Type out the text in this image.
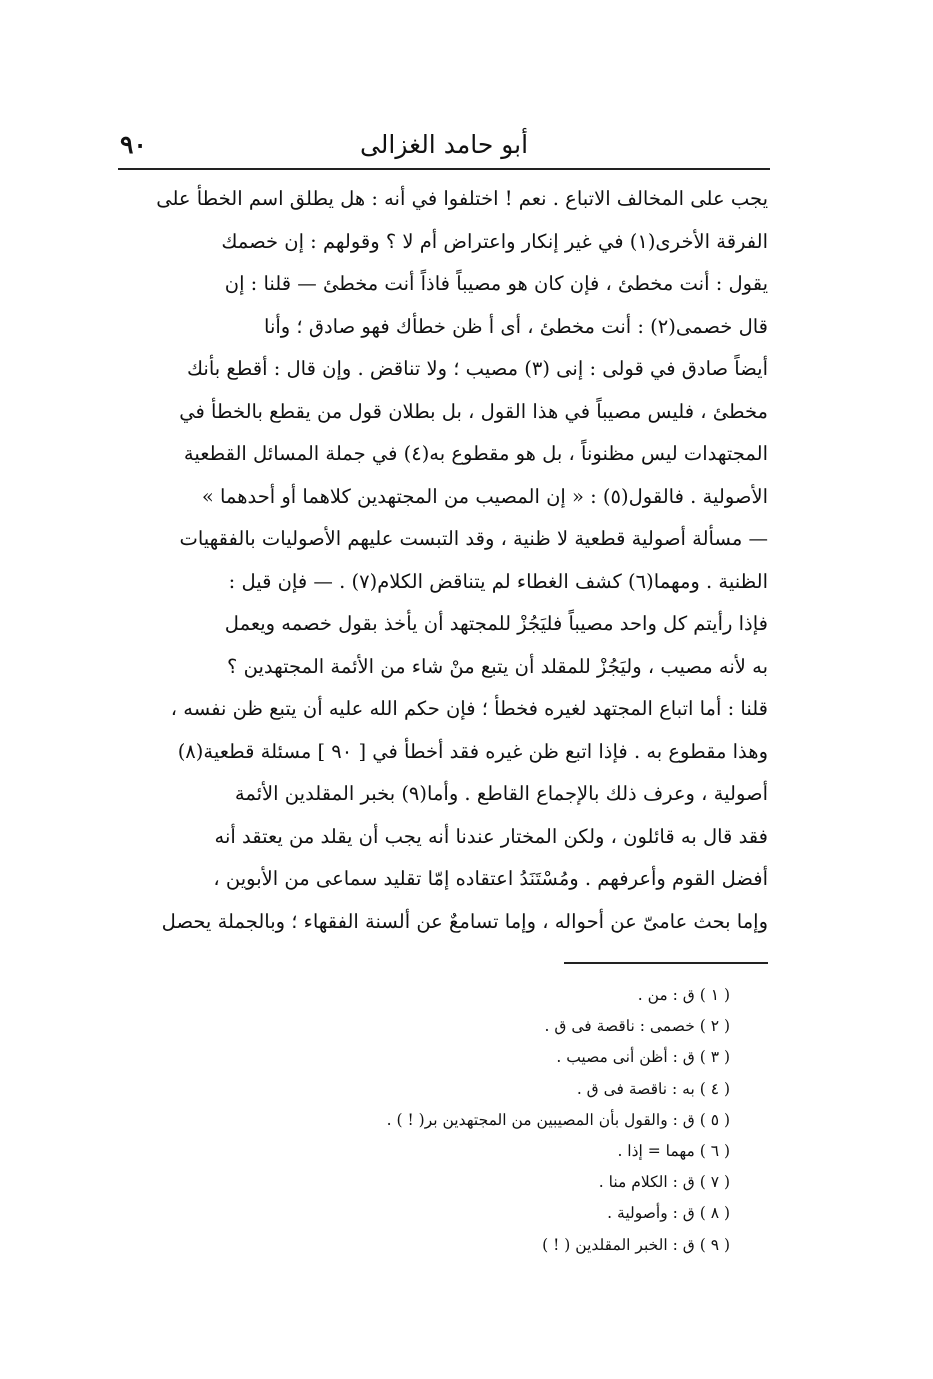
٩٠	أبو حامد الغزالى
يجب على المخالف الاتباع . نعم ! اختلفوا في أنه : هل يطلق اسم الخطأ على
الفرقة الأخرى(١) في غير إنكار واعتراض أم لا ؟ وقولهم : إن خصمك
يقول : أنت مخطئ ، فإن كان هو مصيباً فاذاً أنت مخطئ — قلنا : إن
قال خصمى(٢) : أنت مخطئ ، أى أ ظن خطأك فهو صادق ؛ وأنا
أيضاً صادق في قولى : إنى (٣) مصيب ؛ ولا تناقض . وإن قال : أقطع بأنك
مخطئ ، فليس مصيباً في هذا القول ، بل بطلان قول من يقطع بالخطأ في
المجتهدات ليس مظنوناً ، بل هو مقطوع به(٤) في جملة المسائل القطعية
الأصولية . فالقول(٥) : « إن المصيب من المجتهدين كلاهما أو أحدهما »
— مسألة أصولية قطعية لا ظنية ، وقد التبست عليهم الأصوليات بالفقهيات
الظنية . ومهما(٦) كشف الغطاء لم يتناقض الكلام(٧) . — فإن قيل :
فإذا رأيتم كل واحد مصيباً فليَجُزْ للمجتهد أن يأخذ بقول خصمه ويعمل
به لأنه مصيب ، وليَجُزْ للمقلد أن يتبع منْ شاء من الأئمة المجتهدين ؟
قلنا : أما اتباع المجتهد لغيره فخطأ ؛ فإن حكم الله عليه أن يتبع ظن نفسه ،
وهذا مقطوع به . فإذا اتبع ظن غيره فقد أخطأ في [ ٩٠ ] مسئلة قطعية(٨)
أصولية ، وعرف ذلك بالإجماع القاطع . وأما(٩) بخبر المقلدين الأئمة
فقد قال به قائلون ، ولكن المختار عندنا أنه يجب أن يقلد من يعتقد أنه
أفضل القوم وأعرفهم . ومُسْتَنَدُ اعتقاده إمّا تقليد سماعى من الأبوين ،
وإما بحث عامىّ عن أحواله ، وإما تسامعٌ عن ألسنة الفقهاء ؛ وبالجملة يحصل
( ١ ) ق : من .
( ٢ ) خصمى : ناقصة فى ق .
( ٣ ) ق : أظن أنى مصيب .
( ٤ ) به : ناقصة فى ق .
( ٥ ) ق : والقول بأن المصيبين من المجتهدين بر( ! ) .
( ٦ ) مهما = إذا .
( ٧ ) ق : الكلام منا .
( ٨ ) ق : وأصولية .
( ٩ ) ق : الخبر المقلدين ( ! )
